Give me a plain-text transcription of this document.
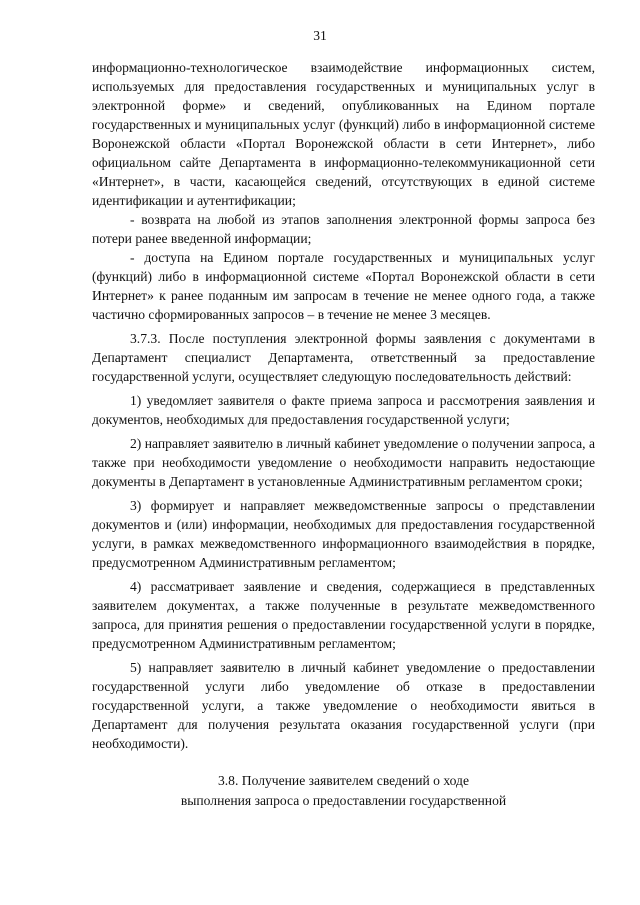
31

информационно-технологическое взаимодействие информационных систем, используемых для предоставления государственных и муниципальных услуг в электронной форме» и сведений, опубликованных на Едином портале государственных и муниципальных услуг (функций) либо в информационной системе Воронежской области «Портал Воронежской области в сети Интернет», либо официальном сайте Департамента в информационно-телекоммуникационной сети «Интернет», в части, касающейся сведений, отсутствующих в единой системе идентификации и аутентификации;

- возврата на любой из этапов заполнения электронной формы запроса без потери ранее введенной информации;

- доступа на Едином портале государственных и муниципальных услуг (функций) либо в информационной системе «Портал Воронежской области в сети Интернет» к ранее поданным им запросам в течение не менее одного года, а также частично сформированных запросов – в течение не менее 3 месяцев.

3.7.3. После поступления электронной формы заявления с документами в Департамент специалист Департамента, ответственный за предоставление государственной услуги, осуществляет следующую последовательность действий:

1) уведомляет заявителя о факте приема запроса и рассмотрения заявления и документов, необходимых для предоставления государственной услуги;

2) направляет заявителю в личный кабинет уведомление о получении запроса, а также при необходимости уведомление о необходимости направить недостающие документы в Департамент в установленные Административным регламентом сроки;

3) формирует и направляет межведомственные запросы о представлении документов и (или) информации, необходимых для предоставления государственной услуги, в рамках межведомственного информационного взаимодействия в порядке, предусмотренном Административным регламентом;

4) рассматривает заявление и сведения, содержащиеся в представленных заявителем документах, а также полученные в результате межведомственного запроса, для принятия решения о предоставлении государственной услуги в порядке, предусмотренном Административным регламентом;

5) направляет заявителю в личный кабинет уведомление о предоставлении государственной услуги либо уведомление об отказе в предоставлении государственной услуги, а также уведомление о необходимости явиться в Департамент для получения результата оказания государственной услуги (при необходимости).

3.8. Получение заявителем сведений о ходе
выполнения запроса о предоставлении государственной
